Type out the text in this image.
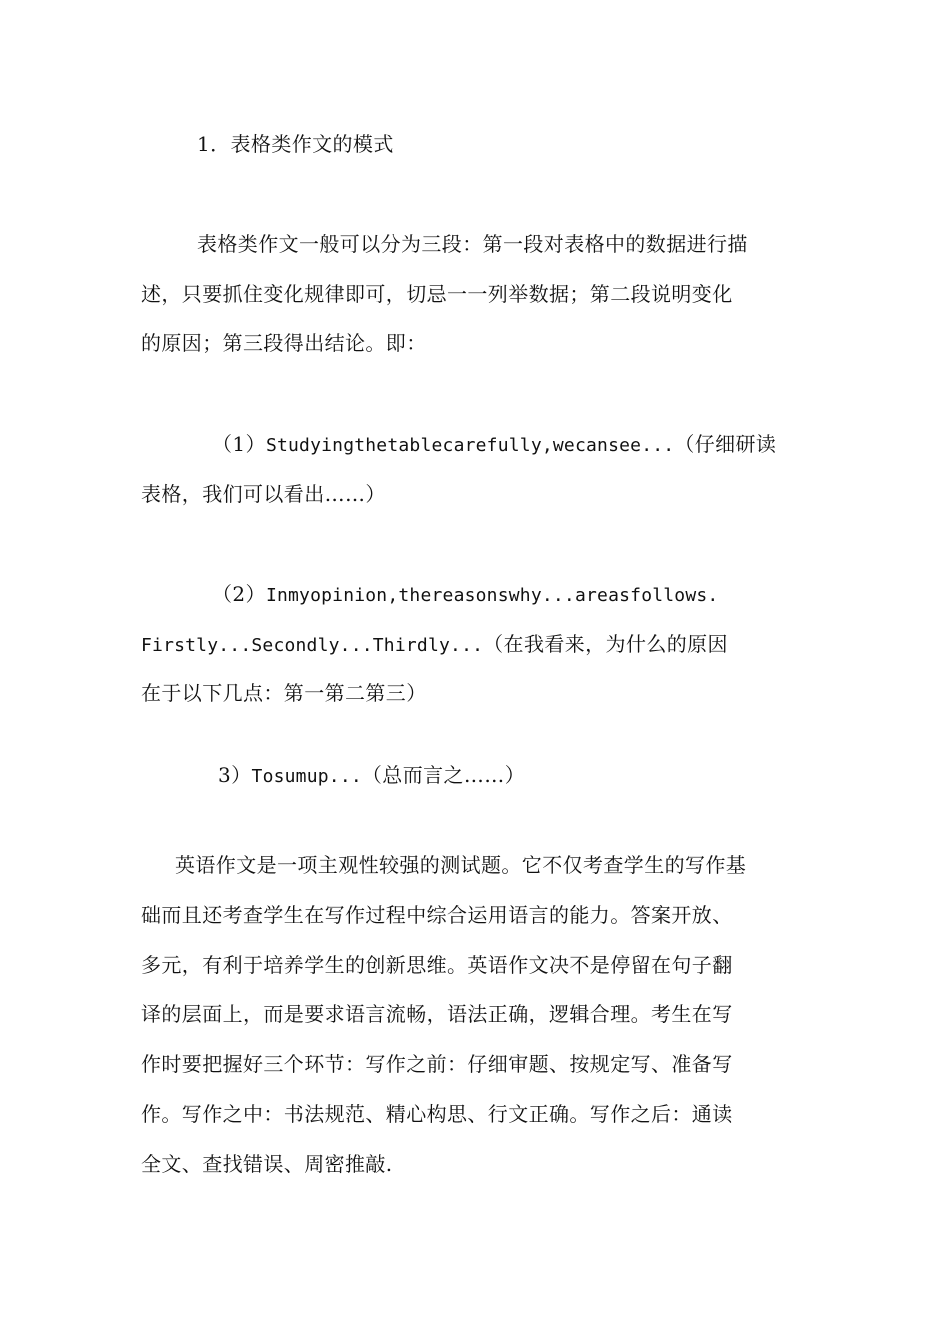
1．表格类作文的模式
表格类作文一般可以分为三段：第一段对表格中的数据进行描
述，只要抓住变化规律即可，切忌一一列举数据；第二段说明变化
的原因；第三段得出结论。即：
（1）Studyingthetablecarefully,wecansee...（仔细研读
表格，我们可以看出……）
（2）Inmyopinion,thereasonswhy...areasfollows.
Firstly...Secondly...Thirdly...（在我看来，为什么的原因
在于以下几点：第一第二第三）
3）Tosumup...（总而言之……）
英语作文是一项主观性较强的测试题。它不仅考查学生的写作基
础而且还考查学生在写作过程中综合运用语言的能力。答案开放、
多元，有利于培养学生的创新思维。英语作文决不是停留在句子翻
译的层面上，而是要求语言流畅，语法正确，逻辑合理。考生在写
作时要把握好三个环节：写作之前：仔细审题、按规定写、准备写
作。写作之中：书法规范、精心构思、行文正确。写作之后：通读
全文、查找错误、周密推敲.
